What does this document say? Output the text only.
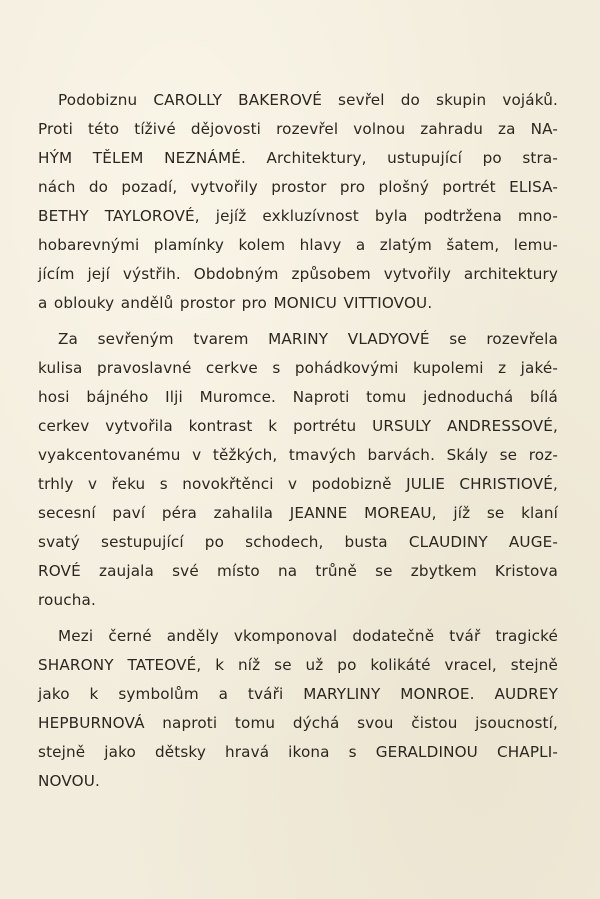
Podobiznu CAROLLY BAKEROVÉ sevřel do skupin vojáků.
Proti této tíživé dějovosti rozevřel volnou zahradu za NA-
HÝM TĚLEM NEZNÁMÉ. Architektury, ustupující po stra-
nách do pozadí, vytvořily prostor pro plošný portrét ELISA-
BETHY TAYLOROVÉ, jejíž exkluzívnost byla podtržena mno-
hobarevnými plamínky kolem hlavy a zlatým šatem, lemu-
jícím její výstřih. Obdobným způsobem vytvořily architektury
a oblouky andělů prostor pro MONICU VITTIOVOU.
Za sevřeným tvarem MARINY VLADYOVÉ se rozevřela
kulisa pravoslavné cerkve s pohádkovými kupolemi z jaké-
hosi bájného Ilji Muromce. Naproti tomu jednoduchá bílá
cerkev vytvořila kontrast k portrétu URSULY ANDRESSOVÉ,
vyakcentovanému v těžkých, tmavých barvách. Skály se roz-
trhly v řeku s novokřtěnci v podobizně JULIE CHRISTIOVÉ,
secesní paví péra zahalila JEANNE MOREAU, jíž se klaní
svatý sestupující po schodech, busta CLAUDINY AUGE-
ROVÉ zaujala své místo na trůně se zbytkem Kristova
roucha.
Mezi černé anděly vkomponoval dodatečně tvář tragické
SHARONY TATEOVÉ, k níž se už po kolikáté vracel, stejně
jako k symbolům a tváři MARYLINY MONROE. AUDREY
HEPBURNOVÁ naproti tomu dýchá svou čistou jsoucností,
stejně jako dětsky hravá ikona s GERALDINOU CHAPLI-
NOVOU.
